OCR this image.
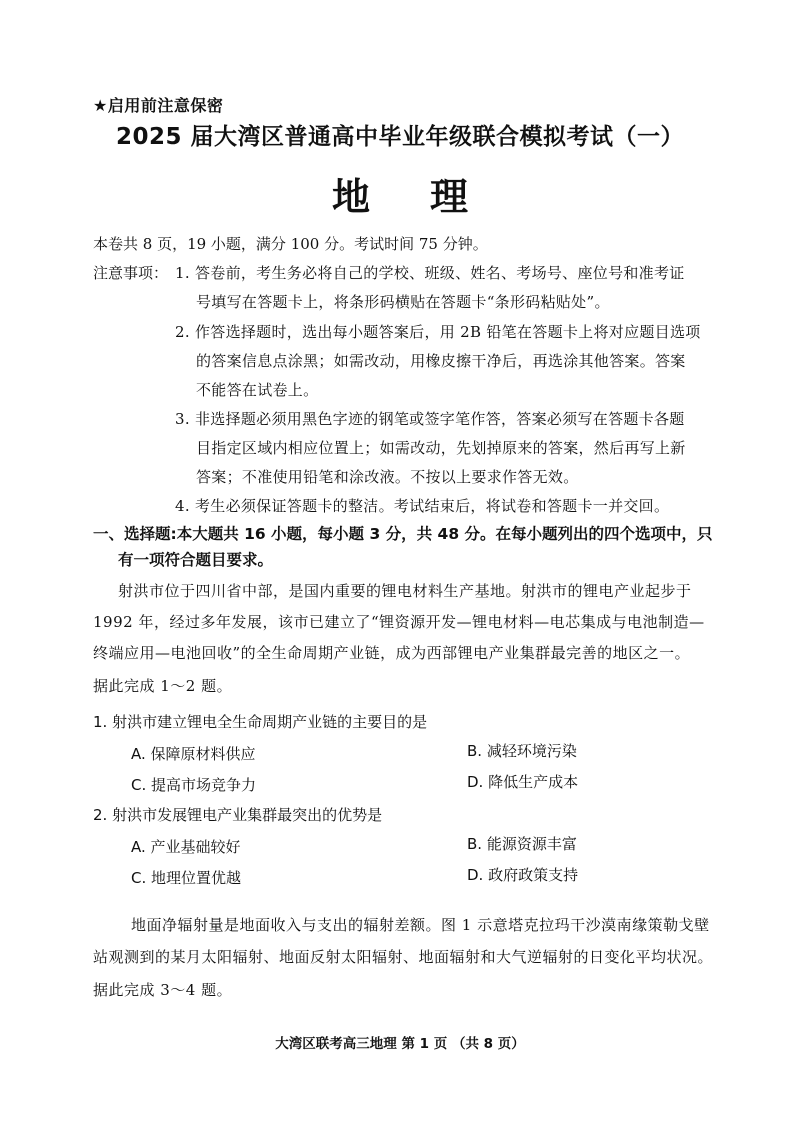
★启用前注意保密
2025 届大湾区普通高中毕业年级联合模拟考试（一）
地 理
本卷共 8 页，19 小题，满分 100 分。考试时间 75 分钟。
注意事项： 1. 答卷前，考生务必将自己的学校、班级、姓名、考场号、座位号和准考证
号填写在答题卡上，将条形码横贴在答题卡“条形码粘贴处”。
2. 作答选择题时，选出每小题答案后，用 2B 铅笔在答题卡上将对应题目选项
的答案信息点涂黑；如需改动，用橡皮擦干净后，再选涂其他答案。答案
不能答在试卷上。
3. 非选择题必须用黑色字迹的钢笔或签字笔作答，答案必须写在答题卡各题
目指定区域内相应位置上；如需改动，先划掉原来的答案，然后再写上新
答案；不准使用铅笔和涂改液。不按以上要求作答无效。
4. 考生必须保证答题卡的整洁。考试结束后，将试卷和答题卡一并交回。
一、选择题:本大题共 16 小题，每小题 3 分，共 48 分。在每小题列出的四个选项中，只
有一项符合题目要求。
射洪市位于四川省中部，是国内重要的锂电材料生产基地。射洪市的锂电产业起步于
1992 年，经过多年发展，该市已建立了“锂资源开发—锂电材料—电芯集成与电池制造—
终端应用—电池回收”的全生命周期产业链，成为西部锂电产业集群最完善的地区之一。
据此完成 1～2 题。
1. 射洪市建立锂电全生命周期产业链的主要目的是
A. 保障原材料供应	B. 减轻环境污染
C. 提高市场竞争力	D. 降低生产成本
2. 射洪市发展锂电产业集群最突出的优势是
A. 产业基础较好	B. 能源资源丰富
C. 地理位置优越	D. 政府政策支持
地面净辐射量是地面收入与支出的辐射差额。图 1 示意塔克拉玛干沙漠南缘策勒戈壁
站观测到的某月太阳辐射、地面反射太阳辐射、地面辐射和大气逆辐射的日变化平均状况。
据此完成 3～4 题。
大湾区联考高三地理 第 1 页 （共 8 页）
